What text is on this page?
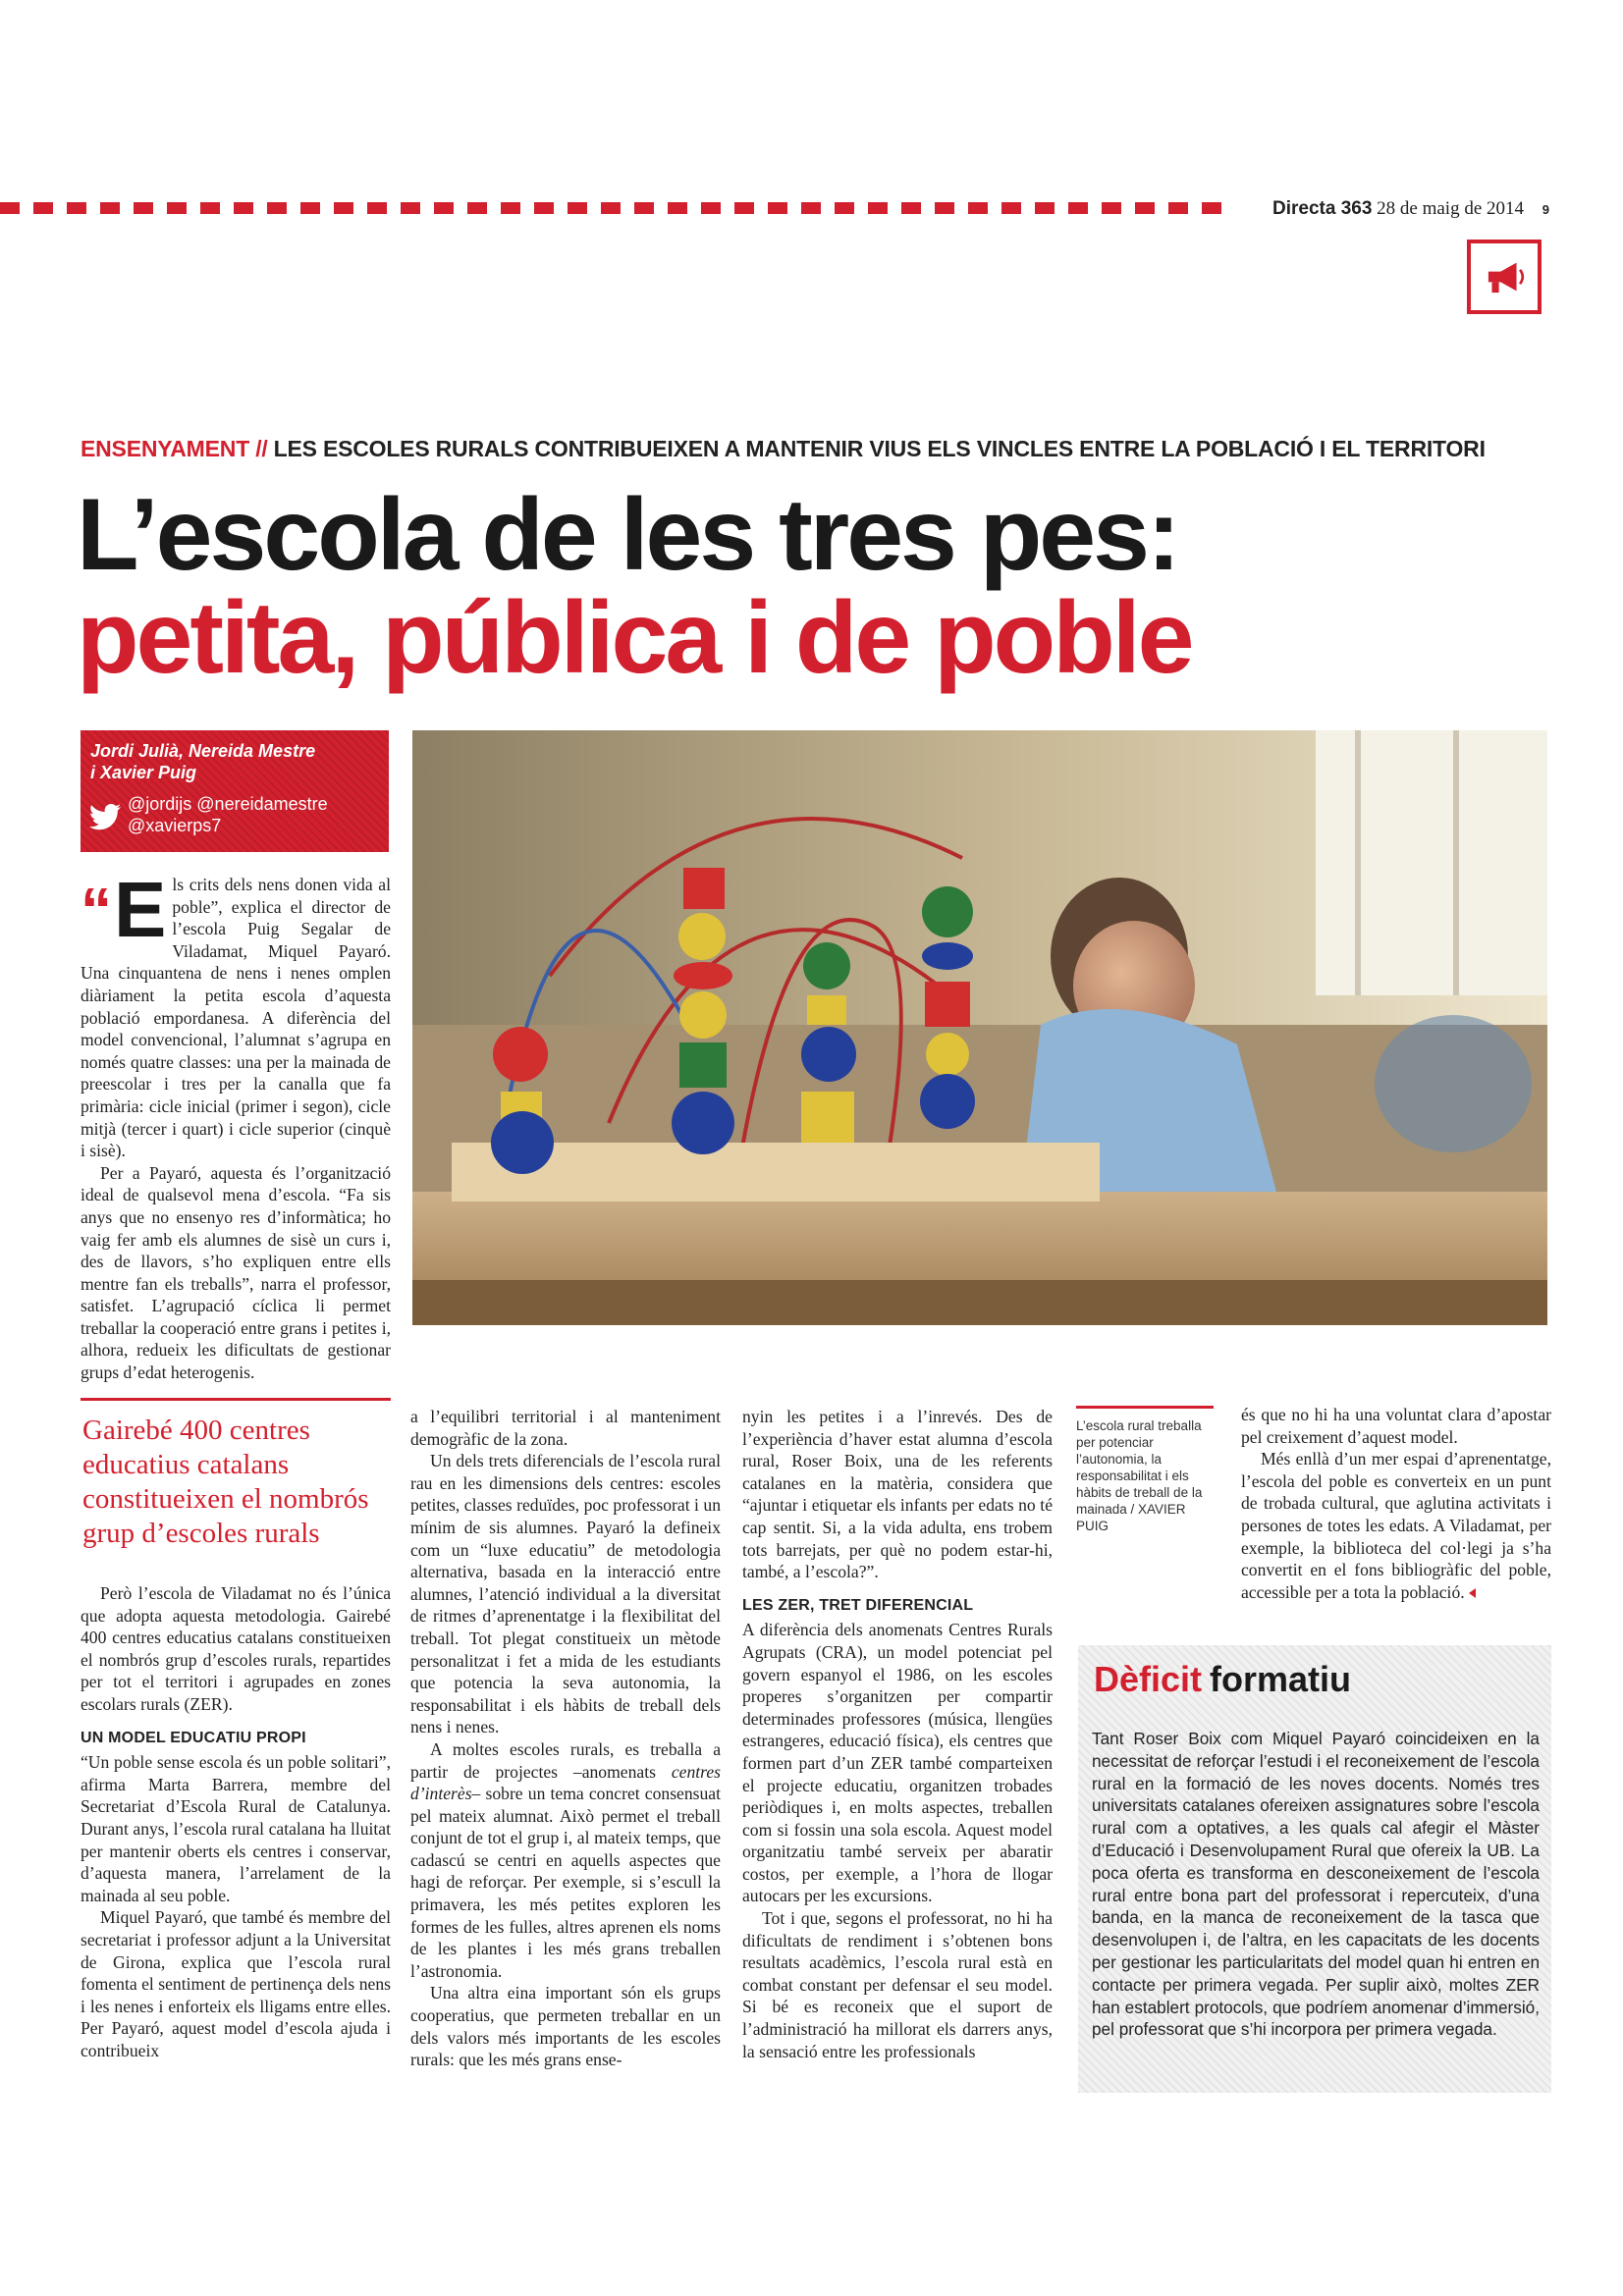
Directa 363 28 de maig de 2014 9
ENSENYAMENT // LES ESCOLES RURALS CONTRIBUEIXEN A MANTENIR VIUS ELS VINCLES ENTRE LA POBLACIÓ I EL TERRITORI
L’escola de les tres pes:
petita, pública i de poble
Jordi Julià, Nereida Mestre
i Xavier Puig
@jordijs @nereidamestre
@xavierps7

“E ls crits dels nens donen vida al poble”, explica el director de l’escola Puig Segalar de Viladamat, Miquel Payaró. Una cinquantena de nens i nenes omplen diàriament la petita escola d’aquesta població empordanesa. A diferència del model convencional, l’alumnat s’agrupa en només quatre classes: una per la mainada de preescolar i tres per la canalla que fa primària: cicle inicial (primer i segon), cicle mitjà (tercer i quart) i cicle superior (cinquè i sisè).

Per a Payaró, aquesta és l’organització ideal de qualsevol mena d’escola. “Fa sis anys que no ensenyo res d’informàtica; ho vaig fer amb els alumnes de sisè un curs i, des de llavors, s’ho expliquen entre ells mentre fan els treballs”, narra el professor, satisfet. L’agrupació cíclica li permet treballar la cooperació entre grans i petites i, alhora, redueix les dificultats de gestionar grups d’edat heterogenis.

Gairebé 400 centres educatius catalans constitueixen el nombrós grup d’escoles rurals

Però l’escola de Viladamat no és l’única que adopta aquesta metodologia. Gairebé 400 centres educatius catalans constitueixen el nombrós grup d’escoles rurals, repartides per tot el territori i agrupades en zones escolars rurals (ZER).

UN MODEL EDUCATIU PROPI

“Un poble sense escola és un poble solitari”, afirma Marta Barrera, membre del Secretariat d’Escola Rural de Catalunya. Durant anys, l’escola rural catalana ha lluitat per mantenir oberts els centres i conservar, d’aquesta manera, l’arrelament de la mainada al seu poble.

Miquel Payaró, que també és membre del secretariat i professor adjunt a la Universitat de Girona, explica que l’escola rural fomenta el sentiment de pertinença dels nens i les nenes i enforteix els lligams entre elles. Per Payaró, aquest model d’escola ajuda i contribueix

a l’equilibri territorial i al manteniment demogràfic de la zona.

Un dels trets diferencials de l’escola rural rau en les dimensions dels centres: escoles petites, classes reduïdes, poc professorat i un mínim de sis alumnes. Payaró la defineix com un “luxe educatiu” de metodologia alternativa, basada en la interacció entre alumnes, l’atenció individual a la diversitat de ritmes d’aprenentatge i la flexibilitat del treball. Tot plegat constitueix un mètode personalitzat i fet a mida de les estudiants que potencia la seva autonomia, la responsabilitat i els hàbits de treball dels nens i nenes.

A moltes escoles rurals, es treballa a partir de projectes –anomenats centres d’interès– sobre un tema concret consensuat pel mateix alumnat. Això permet el treball conjunt de tot el grup i, al mateix temps, que cadascú se centri en aquells aspectes que hagi de reforçar. Per exemple, si s’escull la primavera, les més petites exploren les formes de les fulles, altres aprenen els noms de les plantes i les més grans treballen l’astronomia.

Una altra eina important són els grups cooperatius, que permeten treballar en un dels valors més importants de les escoles rurals: que les més grans ense-

nyin les petites i a l’inrevés. Des de l’experiència d’haver estat alumna d’escola rural, Roser Boix, una de les referents catalanes en la matèria, considera que “ajuntar i etiquetar els infants per edats no té cap sentit. Si, a la vida adulta, ens trobem tots barrejats, per què no podem estar-hi, també, a l’escola?”.

LES ZER, TRET DIFERENCIAL

A diferència dels anomenats Centres Rurals Agrupats (CRA), un model potenciat pel govern espanyol el 1986, on les escoles properes s’organitzen per compartir determinades professores (música, llengües estrangeres, educació física), els centres que formen part d’un ZER també comparteixen el projecte educatiu, organitzen trobades periòdiques i, en molts aspectes, treballen com si fossin una sola escola. Aquest model organitzatiu també serveix per abaratir costos, per exemple, a l’hora de llogar autocars per les excursions.

Tot i que, segons el professorat, no hi ha dificultats de rendiment i s’obtenen bons resultats acadèmics, l’escola rural està en combat constant per defensar el seu model. Si bé es reconeix que el suport de l’administració ha millorat els darrers anys, la sensació entre les professionals

L’escola rural treballa per potenciar l’autonomia, la responsabilitat i els hàbits de treball de la mainada / XAVIER PUIG

és que no hi ha una voluntat clara d’apostar pel creixement d’aquest model.

Més enllà d’un mer espai d’aprenentatge, l’escola del poble es converteix en un punt de trobada cultural, que aglutina activitats i persones de totes les edats. A Viladamat, per exemple, la biblioteca del col·legi ja s’ha convertit en el fons bibliogràfic del poble, accessible per a tota la població.

Dèficit formatiu
Tant Roser Boix com Miquel Payaró coincideixen en la necessitat de reforçar l’estudi i el reconeixement de l’escola rural en la formació de les noves docents. Només tres universitats catalanes ofereixen assignatures sobre l’escola rural com a optatives, a les quals cal afegir el Màster d’Educació i Desenvolupament Rural que ofereix la UB. La poca oferta es transforma en desconeixement de l’escola rural entre bona part del professorat i repercuteix, d’una banda, en la manca de reconeixement de la tasca que desenvolupen i, de l’altra, en les capacitats de les docents per gestionar les particularitats del model quan hi entren en contacte per primera vegada. Per suplir això, moltes ZER han establert protocols, que podríem anomenar d’immersió, pel professorat que s’hi incorpora per primera vegada.
